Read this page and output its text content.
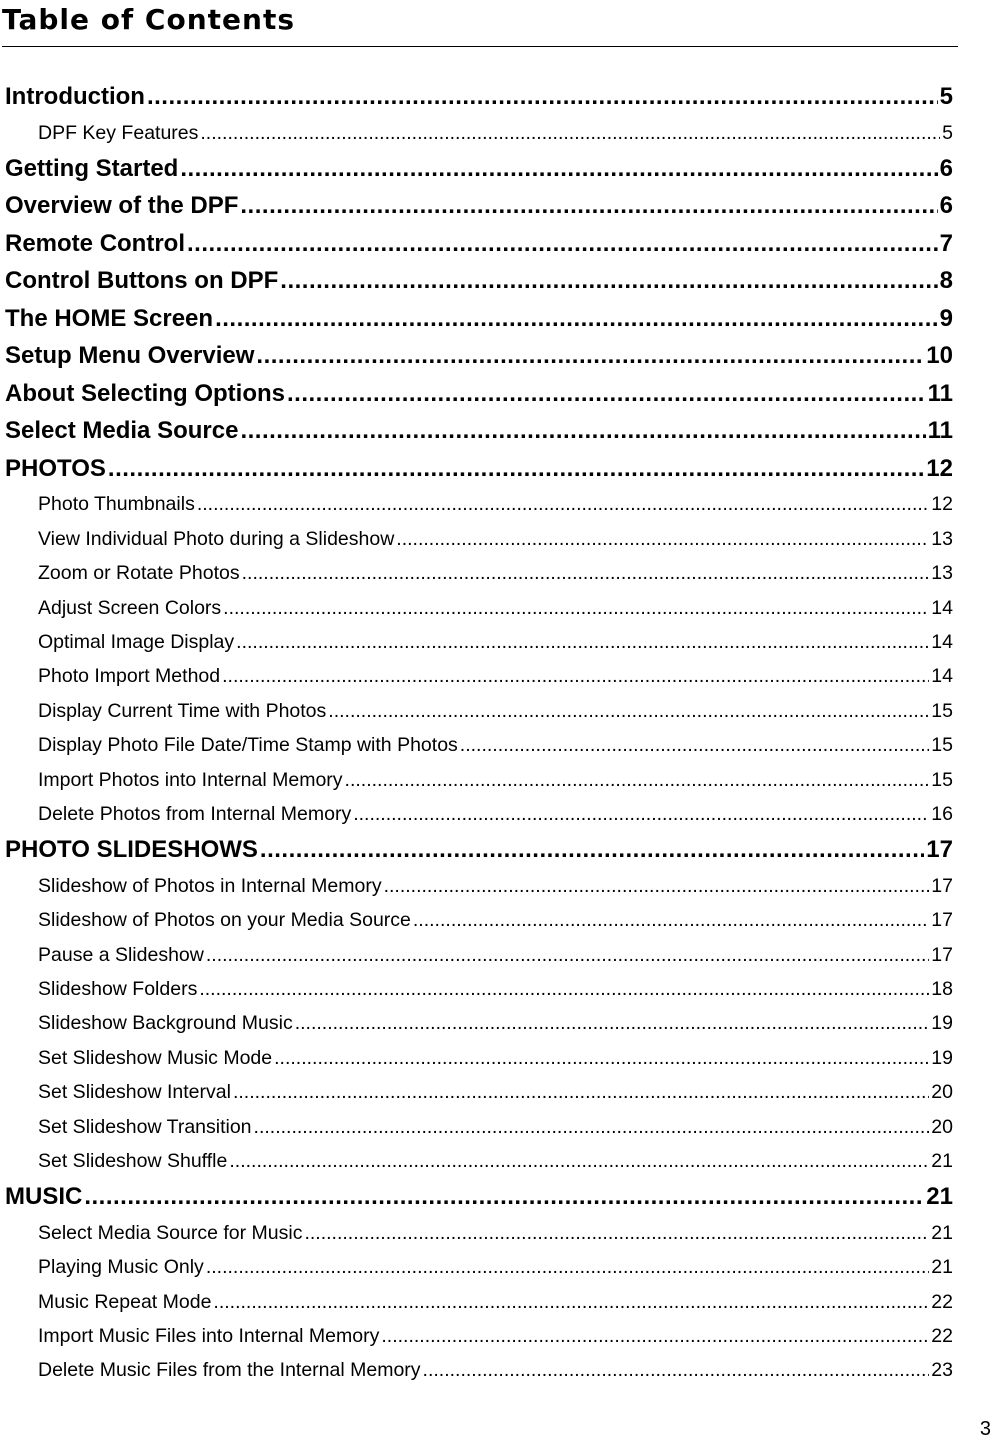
Table of Contents
Introduction .....	5
DPF Key Features .....	5
Getting Started .....	6
Overview of the DPF .....	6
Remote Control .....	7
Control Buttons on DPF .....	8
The HOME Screen .....	9
Setup Menu Overview .....	10
About Selecting Options .....	11
Select Media Source .....	11
PHOTOS .....	12
Photo Thumbnails .....	12
View Individual Photo during a Slideshow .....	13
Zoom or Rotate Photos .....	13
Adjust Screen Colors .....	14
Optimal Image Display .....	14
Photo Import Method .....	14
Display Current Time with Photos .....	15
Display Photo File Date/Time Stamp with Photos .....	15
Import Photos into Internal Memory .....	15
Delete Photos from Internal Memory .....	16
PHOTO SLIDESHOWS .....	17
Slideshow of Photos in Internal Memory .....	17
Slideshow of Photos on your Media Source .....	17
Pause a Slideshow .....	17
Slideshow Folders .....	18
Slideshow Background Music .....	19
Set Slideshow Music Mode .....	19
Set Slideshow Interval .....	20
Set Slideshow Transition .....	20
Set Slideshow Shuffle .....	21
MUSIC .....	21
Select Media Source for Music .....	21
Playing Music Only .....	21
Music Repeat Mode .....	22
Import Music Files into Internal Memory .....	22
Delete Music Files from the Internal Memory .....	23
3
